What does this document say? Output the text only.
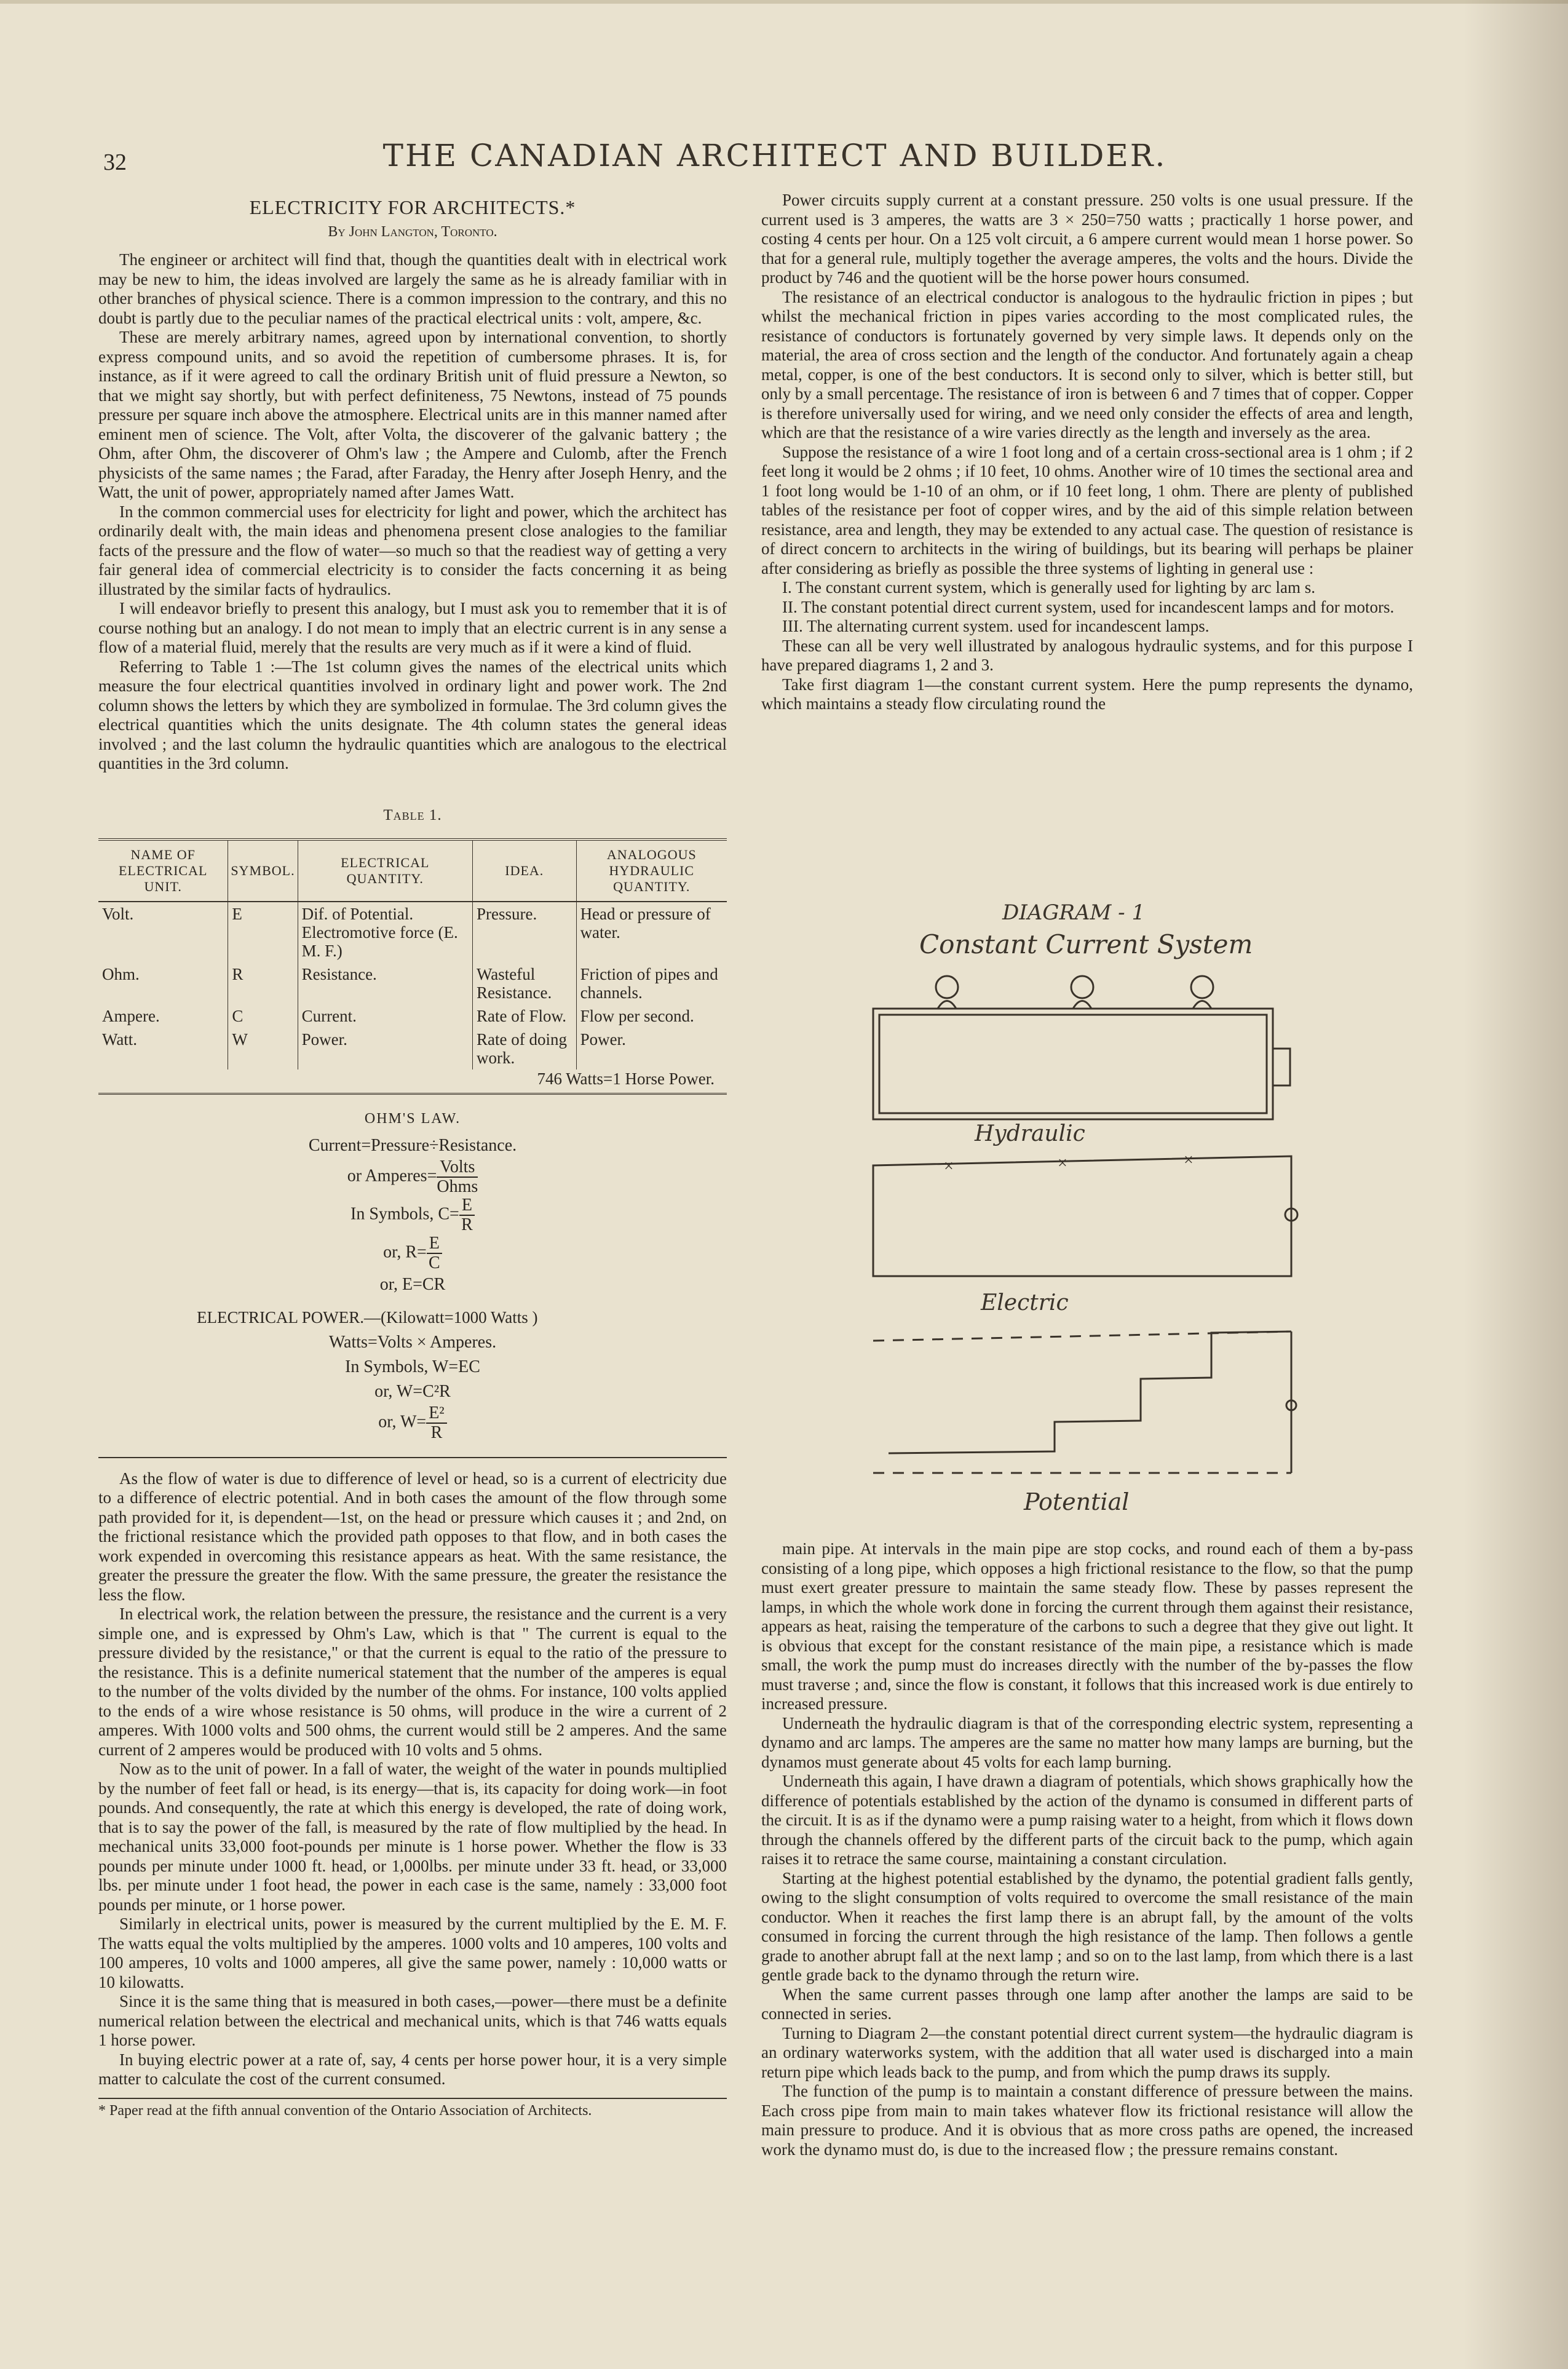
32	THE CANADIAN ARCHITECT AND BUILDER.
ELECTRICITY FOR ARCHITECTS.*
By John Langton, Toronto.

The engineer or architect will find that, though the quantities dealt with in electrical work may be new to him, the ideas involved are largely the same as he is already familiar with in other branches of physical science. There is a common impression to the contrary, and this no doubt is partly due to the peculiar names of the practical electrical units : volt, ampere, &c.

These are merely arbitrary names, agreed upon by international convention, to shortly express compound units, and so avoid the repetition of cumbersome phrases. It is, for instance, as if it were agreed to call the ordinary British unit of fluid pressure a Newton, so that we might say shortly, but with perfect definiteness, 75 Newtons, instead of 75 pounds pressure per square inch above the atmosphere. Electrical units are in this manner named after eminent men of science. The Volt, after Volta, the discoverer of the galvanic battery ; the Ohm, after Ohm, the discoverer of Ohm's law ; the Ampere and Culomb, after the French physicists of the same names ; the Farad, after Faraday, the Henry after Joseph Henry, and the Watt, the unit of power, appropriately named after James Watt.

In the common commercial uses for electricity for light and power, which the architect has ordinarily dealt with, the main ideas and phenomena present close analogies to the familiar facts of the pressure and the flow of water—so much so that the readiest way of getting a very fair general idea of commercial electricity is to consider the facts concerning it as being illustrated by the similar facts of hydraulics.

I will endeavor briefly to present this analogy, but I must ask you to remember that it is of course nothing but an analogy. I do not mean to imply that an electric current is in any sense a flow of a material fluid, merely that the results are very much as if it were a kind of fluid.

Referring to Table 1 :—The 1st column gives the names of the electrical units which measure the four electrical quantities involved in ordinary light and power work. The 2nd column shows the letters by which they are symbolized in formulae. The 3rd column gives the electrical quantities which the units designate. The 4th column states the general ideas involved ; and the last column the hydraulic quantities which are analogous to the electrical quantities in the 3rd column.

Table 1.
NAME OF ELECTRICAL UNIT.	SYMBOL.	ELECTRICAL QUANTITY.	IDEA.	ANALOGOUS HYDRAULIC QUANTITY.
Volt.	E	Dif. of Potential. Electromotive force (E. M. F.)	Pressure.	Head or pressure of water.
Ohm.	R	Resistance.	Wasteful Resistance.	Friction of pipes and channels.
Ampere.	C	Current.	Rate of Flow.	Flow per second.
Watt.	W	Power.	Rate of doing work.	Power.
746 Watts=1 Horse Power.
OHM'S LAW.
Current=Pressure÷Resistance.
or Amperes= $\frac{\text{Volts}}{\text{Ohms}}$
In Symbols, $C= \frac{E}{R}$
or, $R= \frac{E}{C}$
or, E=CR
ELECTRICAL POWER.—(Kilowatt=1000 Watts )
Watts=Volts × Amperes.
In Symbols, W=EC
or, W=C²R
or, $W= \frac{\text{E²}}{R}$

As the flow of water is due to difference of level or head, so is a current of electricity due to a difference of electric potential. And in both cases the amount of the flow through some path provided for it, is dependent—1st, on the head or pressure which causes it ; and 2nd, on the frictional resistance which the provided path opposes to that flow, and in both cases the work expended in overcoming this resistance appears as heat. With the same resistance, the greater the pressure the greater the flow. With the same pressure, the greater the resistance the less the flow.

In electrical work, the relation between the pressure, the resistance and the current is a very simple one, and is expressed by Ohm's Law, which is that " The current is equal to the pressure divided by the resistance," or that the current is equal to the ratio of the pressure to the resistance. This is a definite numerical statement that the number of the amperes is equal to the number of the volts divided by the number of the ohms. For instance, 100 volts applied to the ends of a wire whose resistance is 50 ohms, will produce in the wire a current of 2 amperes. With 1000 volts and 500 ohms, the current would still be 2 amperes. And the same current of 2 amperes would be produced with 10 volts and 5 ohms.

Now as to the unit of power. In a fall of water, the weight of the water in pounds multiplied by the number of feet fall or head, is its energy—that is, its capacity for doing work—in foot pounds. And consequently, the rate at which this energy is developed, the rate of doing work, that is to say the power of the fall, is measured by the rate of flow multiplied by the head. In mechanical units 33,000 foot-pounds per minute is 1 horse power. Whether the flow is 33 pounds per minute under 1000 ft. head, or 1,000lbs. per minute under 33 ft. head, or 33,000 lbs. per minute under 1 foot head, the power in each case is the same, namely : 33,000 foot pounds per minute, or 1 horse power.

Similarly in electrical units, power is measured by the current multiplied by the E. M. F. The watts equal the volts multiplied by the amperes. 1000 volts and 10 amperes, 100 volts and 100 amperes, 10 volts and 1000 amperes, all give the same power, namely : 10,000 watts or 10 kilowatts.

Since it is the same thing that is measured in both cases,—power—there must be a definite numerical relation between the electrical and mechanical units, which is that 746 watts equals 1 horse power.

In buying electric power at a rate of, say, 4 cents per horse power hour, it is a very simple matter to calculate the cost of the current consumed.

* Paper read at the fifth annual convention of the Ontario Association of Architects.

Power circuits supply current at a constant pressure. 250 volts is one usual pressure. If the current used is 3 amperes, the watts are 3 × 250=750 watts ; practically 1 horse power, and costing 4 cents per hour. On a 125 volt circuit, a 6 ampere current would mean 1 horse power. So that for a general rule, multiply together the average amperes, the volts and the hours. Divide the product by 746 and the quotient will be the horse power hours consumed.

The resistance of an electrical conductor is analogous to the hydraulic friction in pipes ; but whilst the mechanical friction in pipes varies according to the most complicated rules, the resistance of conductors is fortunately governed by very simple laws. It depends only on the material, the area of cross section and the length of the conductor. And fortunately again a cheap metal, copper, is one of the best conductors. It is second only to silver, which is better still, but only by a small percentage. The resistance of iron is between 6 and 7 times that of copper. Copper is therefore universally used for wiring, and we need only consider the effects of area and length, which are that the resistance of a wire varies directly as the length and inversely as the area.

Suppose the resistance of a wire 1 foot long and of a certain cross-sectional area is 1 ohm ; if 2 feet long it would be 2 ohms ; if 10 feet, 10 ohms. Another wire of 10 times the sectional area and 1 foot long would be 1-10 of an ohm, or if 10 feet long, 1 ohm. There are plenty of published tables of the resistance per foot of copper wires, and by the aid of this simple relation between resistance, area and length, they may be extended to any actual case. The question of resistance is of direct concern to architects in the wiring of buildings, but its bearing will perhaps be plainer after considering as briefly as possible the three systems of lighting in general use :

I. The constant current system, which is generally used for lighting by arc lam s.

II. The constant potential direct current system, used for incandescent lamps and for motors.

III. The alternating current system. used for incandescent lamps.

These can all be very well illustrated by analogous hydraulic systems, and for this purpose I have prepared diagrams 1, 2 and 3.

Take first diagram 1—the constant current system. Here the pump represents the dynamo, which maintains a steady flow circulating round the

DIAGRAM - 1
Constant Current System
Hydraulic
×	×	×
Electric
Potential

main pipe. At intervals in the main pipe are stop cocks, and round each of them a by-pass consisting of a long pipe, which opposes a high frictional resistance to the flow, so that the pump must exert greater pressure to maintain the same steady flow. These by passes represent the lamps, in which the whole work done in forcing the current through them against their resistance, appears as heat, raising the temperature of the carbons to such a degree that they give out light. It is obvious that except for the constant resistance of the main pipe, a resistance which is made small, the work the pump must do increases directly with the number of the by-passes the flow must traverse ; and, since the flow is constant, it follows that this increased work is due entirely to increased pressure.

Underneath the hydraulic diagram is that of the corresponding electric system, representing a dynamo and arc lamps. The amperes are the same no matter how many lamps are burning, but the dynamos must generate about 45 volts for each lamp burning.

Underneath this again, I have drawn a diagram of potentials, which shows graphically how the difference of potentials established by the action of the dynamo is consumed in different parts of the circuit. It is as if the dynamo were a pump raising water to a height, from which it flows down through the channels offered by the different parts of the circuit back to the pump, which again raises it to retrace the same course, maintaining a constant circulation.

Starting at the highest potential established by the dynamo, the potential gradient falls gently, owing to the slight consumption of volts required to overcome the small resistance of the main conductor. When it reaches the first lamp there is an abrupt fall, by the amount of the volts consumed in forcing the current through the high resistance of the lamp. Then follows a gentle grade to another abrupt fall at the next lamp ; and so on to the last lamp, from which there is a last gentle grade back to the dynamo through the return wire.

When the same current passes through one lamp after another the lamps are said to be connected in series.

Turning to Diagram 2—the constant potential direct current system—the hydraulic diagram is an ordinary waterworks system, with the addition that all water used is discharged into a main return pipe which leads back to the pump, and from which the pump draws its supply.

The function of the pump is to maintain a constant difference of pressure between the mains. Each cross pipe from main to main takes whatever flow its frictional resistance will allow the main pressure to produce. And it is obvious that as more cross paths are opened, the increased work the dynamo must do, is due to the increased flow ; the pressure remains constant.
